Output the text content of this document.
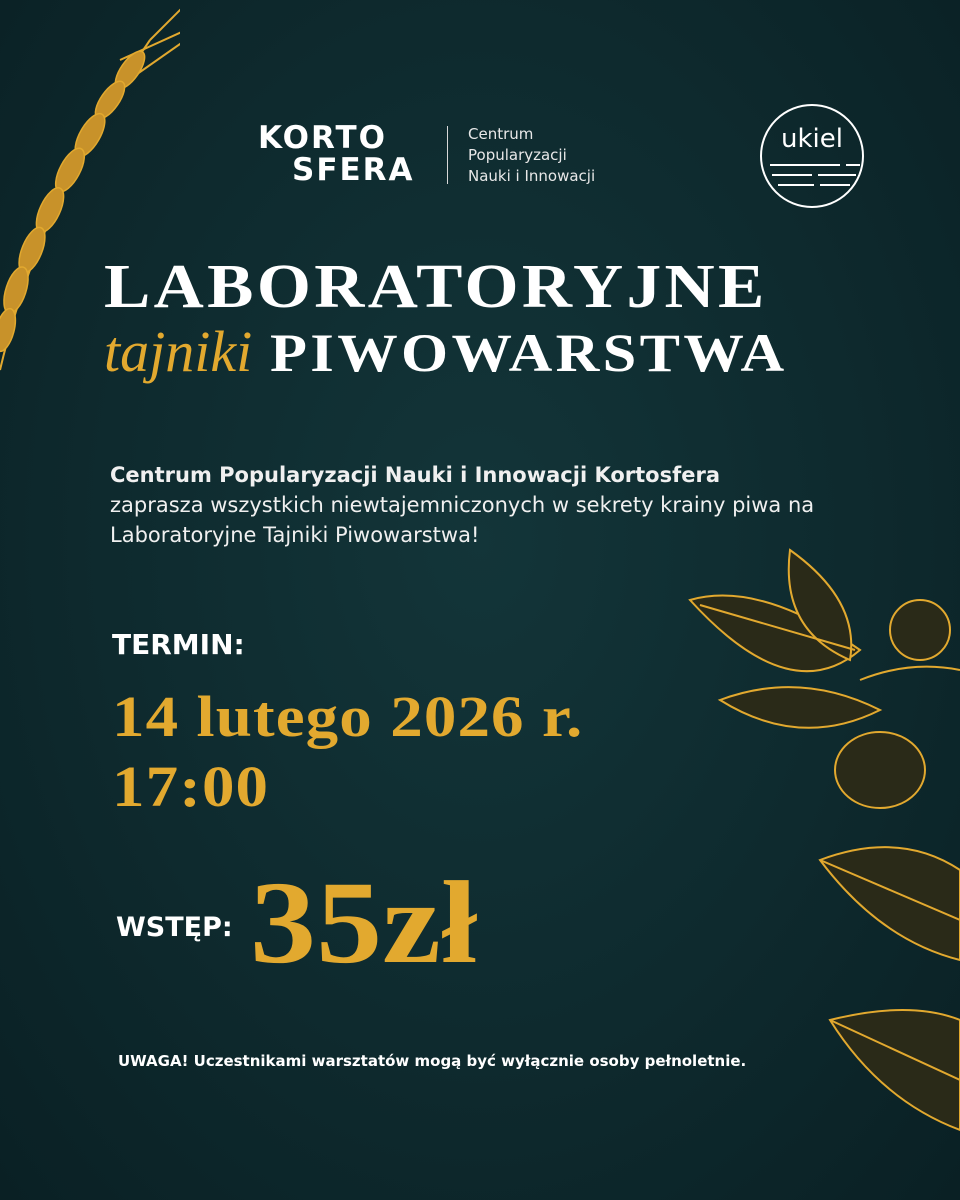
KORTO
SFERA
Centrum
Popularyzacji
Nauki i Innowacji
ukiel
LABORATORYJNE
tajniki PIWOWARSTWA
Centrum Popularyzacji Nauki i Innowacji Kortosfera
zaprasza wszystkich niewtajemniczonych w sekrety krainy piwa na Laboratoryjne Tajniki Piwowarstwa!
TERMIN:
14 lutego 2026 r.
17:00
WSTĘP: 35zł
UWAGA! Uczestnikami warsztatów mogą być wyłącznie osoby pełnoletnie.
